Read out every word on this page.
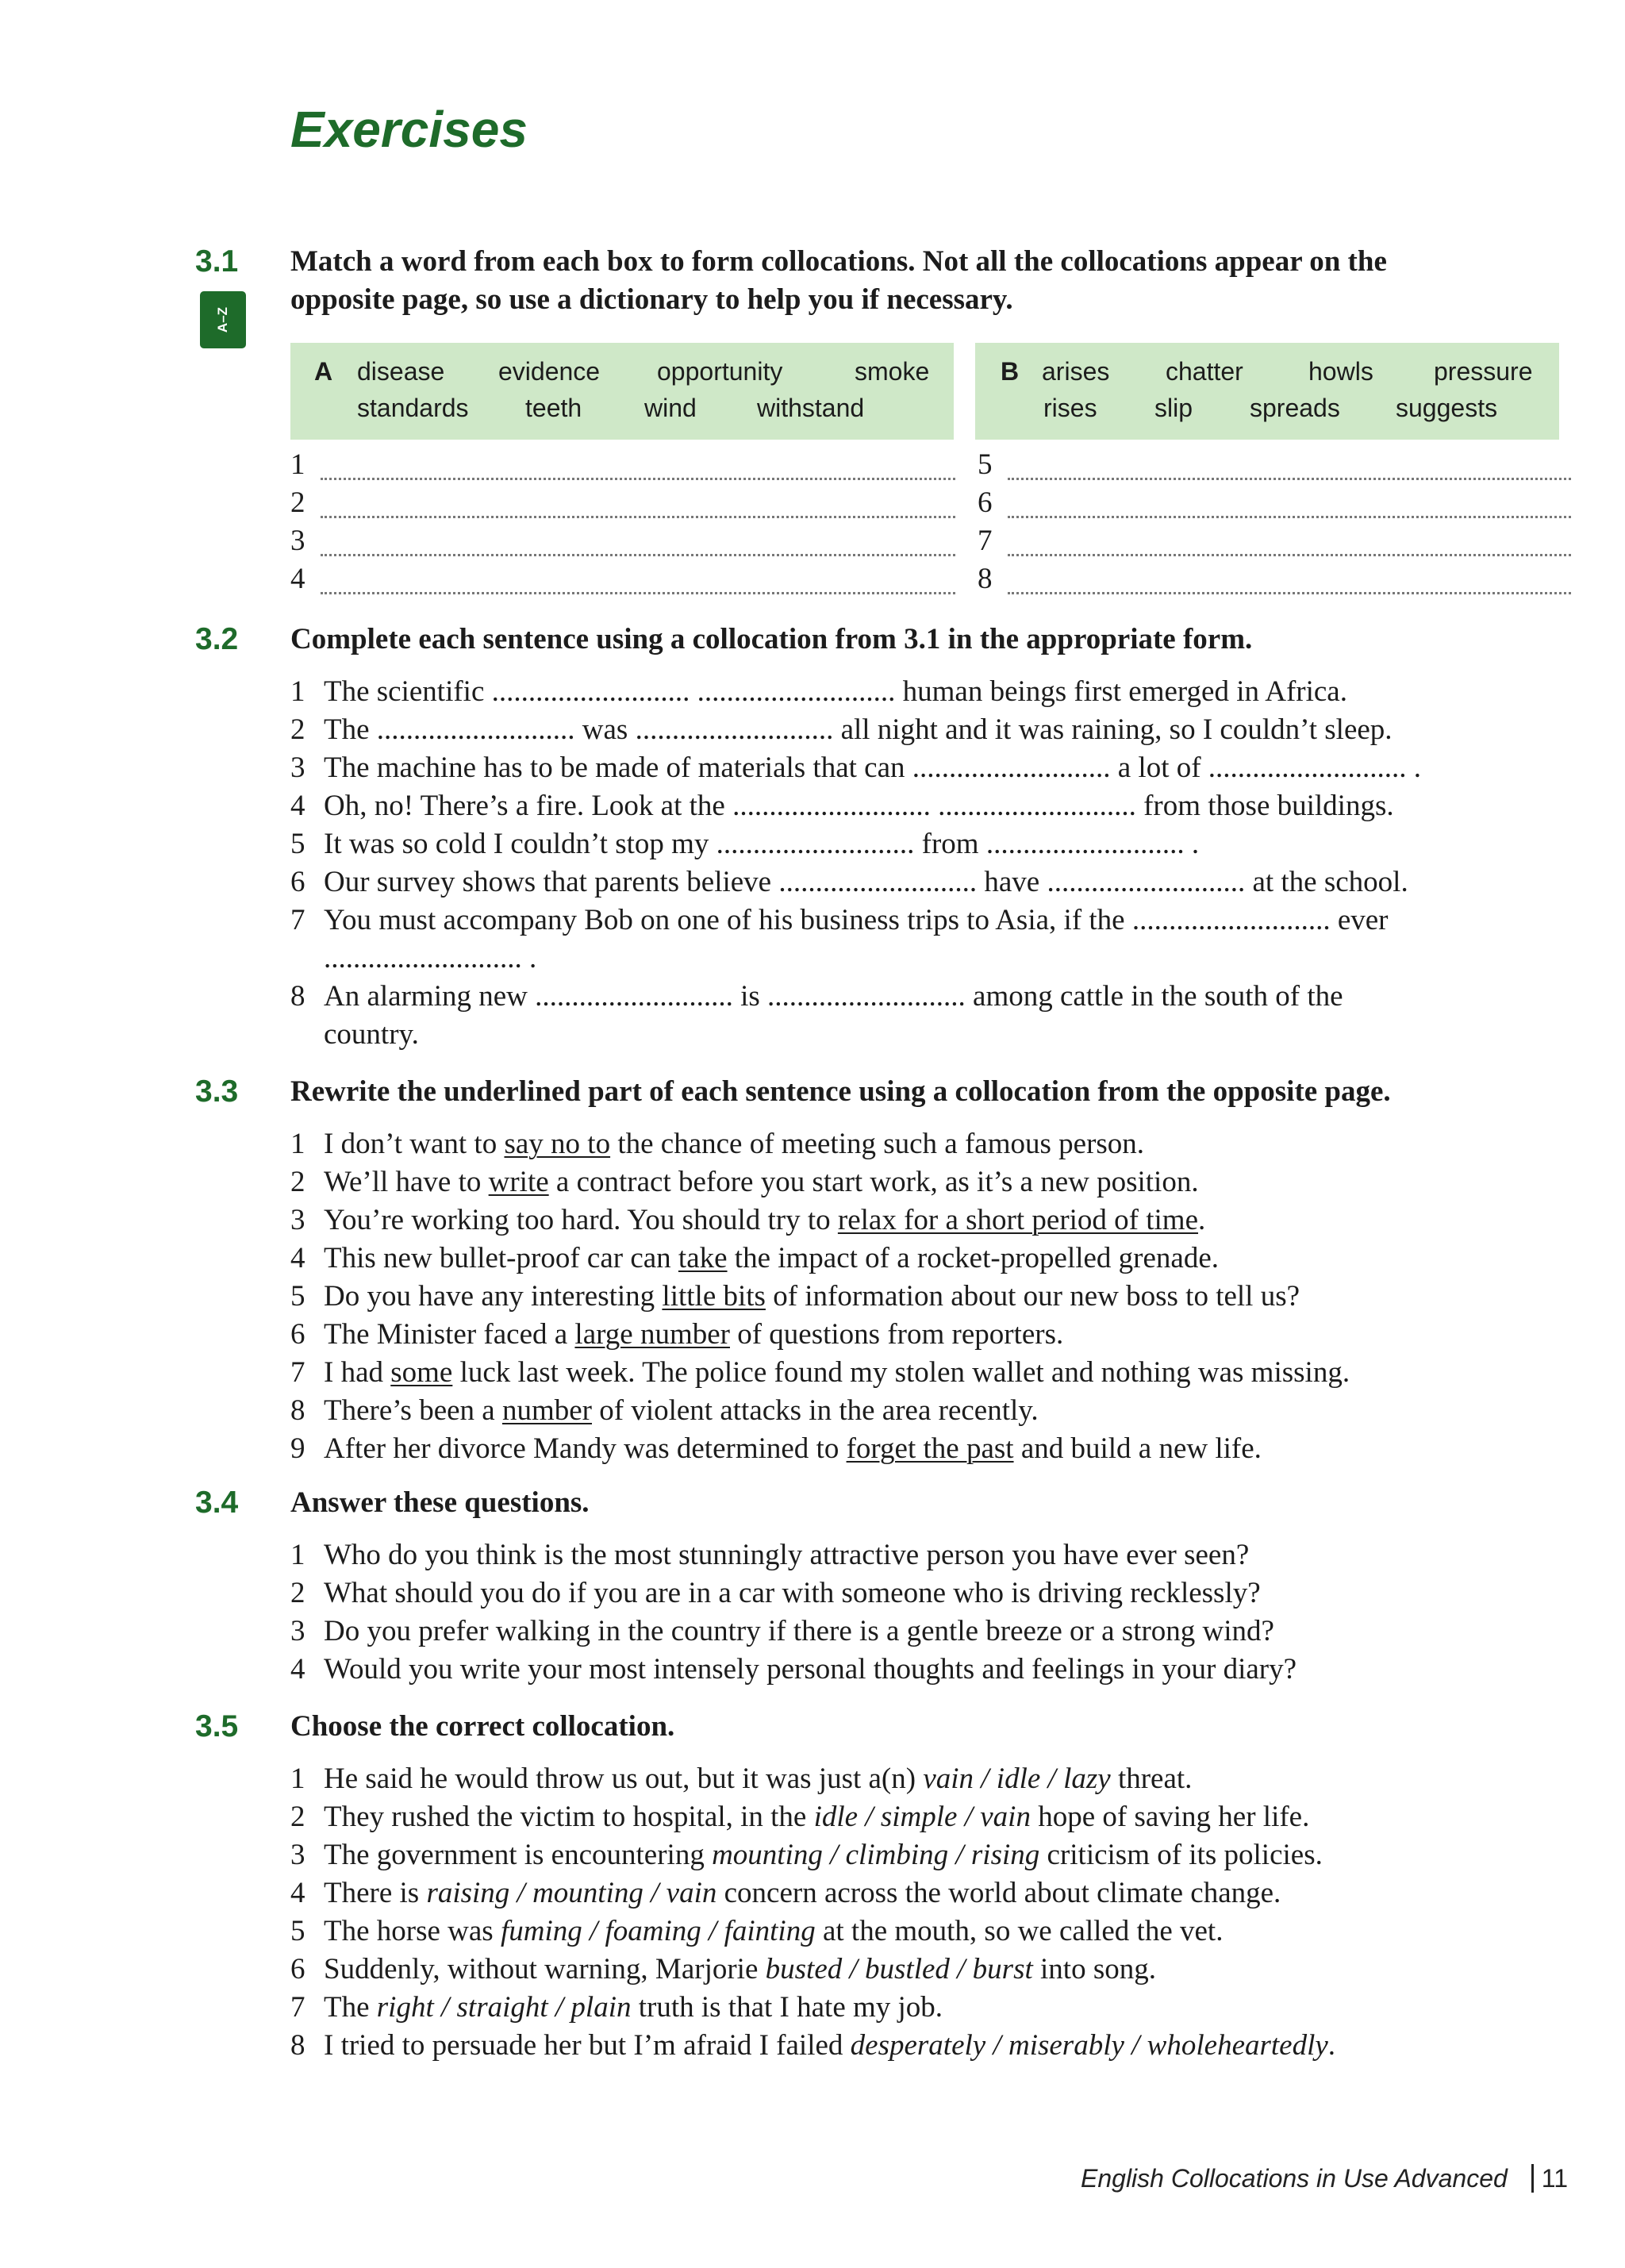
Exercises
3.1 Match a word from each box to form collocations. Not all the collocations appear on the
opposite page, so use a dictionary to help you if necessary.
A–Z
A disease evidence opportunity	smoke
standards teeth wind withstand
B arises chatter	howls pressure
rises slip spreads suggests
1
2
3
4
5
6
7
8
3.2 Complete each sentence using a collocation from 3.1 in the appropriate form.
1 The scientific ........................... ........................... human beings first emerged in Africa.
2 The ........................... was ........................... all night and it was raining, so I couldn’t sleep.
3 The machine has to be made of materials that can ........................... a lot of ........................... .
4 Oh, no! There’s a fire. Look at the ........................... ........................... from those buildings.
5 It was so cold I couldn’t stop my ........................... from ........................... .
6 Our survey shows that parents believe ........................... have ........................... at the school.
7 You must accompany Bob on one of his business trips to Asia, if the ........................... ever
........................... .
8 An alarming new ........................... is ........................... among cattle in the south of the
country.
3.3 Rewrite the underlined part of each sentence using a collocation from the opposite page.
1 I don’t want to say no to the chance of meeting such a famous person.
2 We’ll have to write a contract before you start work, as it’s a new position.
3 You’re working too hard. You should try to relax for a short period of time.
4 This new bullet-proof car can take the impact of a rocket-propelled grenade.
5 Do you have any interesting little bits of information about our new boss to tell us?
6 The Minister faced a large number of questions from reporters.
7 I had some luck last week. The police found my stolen wallet and nothing was missing.
8 There’s been a number of violent attacks in the area recently.
9 After her divorce Mandy was determined to forget the past and build a new life.
3.4 Answer these questions.
1 Who do you think is the most stunningly attractive person you have ever seen?
2 What should you do if you are in a car with someone who is driving recklessly?
3 Do you prefer walking in the country if there is a gentle breeze or a strong wind?
4 Would you write your most intensely personal thoughts and feelings in your diary?
3.5 Choose the correct collocation.
1 He said he would throw us out, but it was just a(n) vain / idle / lazy threat.
2 They rushed the victim to hospital, in the idle / simple / vain hope of saving her life.
3 The government is encountering mounting / climbing / rising criticism of its policies.
4 There is raising / mounting / vain concern across the world about climate change.
5 The horse was fuming / foaming / fainting at the mouth, so we called the vet.
6 Suddenly, without warning, Marjorie busted / bustled / burst into song.
7 The right / straight / plain truth is that I hate my job.
8 I tried to persuade her but I’m afraid I failed desperately / miserably / wholeheartedly.
English Collocations in Use Advanced 11
